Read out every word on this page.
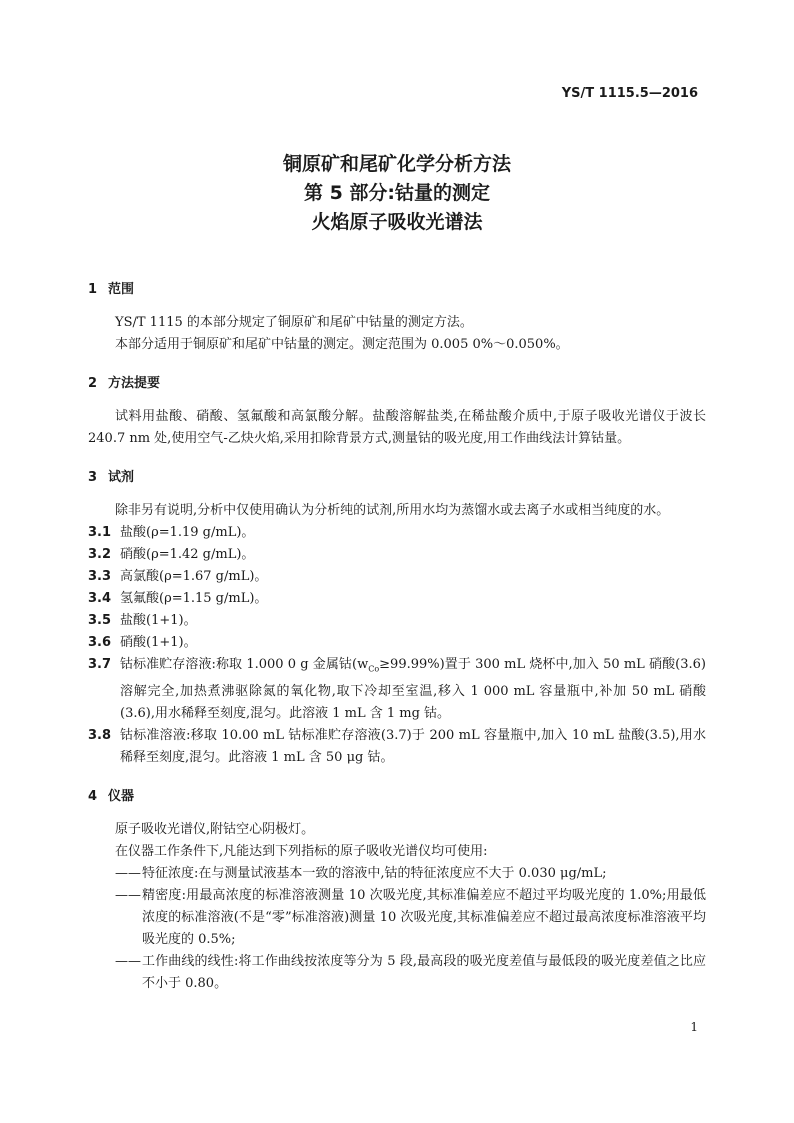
YS/T 1115.5—2016
铜原矿和尾矿化学分析方法
第 5 部分:钴量的测定
火焰原子吸收光谱法
1 范围

YS/T 1115 的本部分规定了铜原矿和尾矿中钴量的测定方法。

本部分适用于铜原矿和尾矿中钴量的测定。测定范围为 0.005 0%～0.050%。

2 方法提要

试料用盐酸、硝酸、氢氟酸和高氯酸分解。盐酸溶解盐类,在稀盐酸介质中,于原子吸收光谱仪于波长 240.7 nm 处,使用空气-乙炔火焰,采用扣除背景方式,测量钴的吸光度,用工作曲线法计算钴量。

3 试剂

除非另有说明,分析中仅使用确认为分析纯的试剂,所用水均为蒸馏水或去离子水或相当纯度的水。

3.1 盐酸(ρ=1.19 g/mL)。
3.2 硝酸(ρ=1.42 g/mL)。
3.3 高氯酸(ρ=1.67 g/mL)。
3.4 氢氟酸(ρ=1.15 g/mL)。
3.5 盐酸(1+1)。
3.6 硝酸(1+1)。
3.7 钴标准贮存溶液:称取 1.000 0 g 金属钴$(w_{Co}\ge 99.99\%)$置于 300 mL 烧杯中,加入 50 mL 硝酸(3.6)溶解完全,加热煮沸驱除氮的氧化物,取下冷却至室温,移入 1 000 mL 容量瓶中,补加 50 mL 硝酸(3.6),用水稀释至刻度,混匀。此溶液 1 mL 含 1 mg 钴。
3.8 钴标准溶液:移取 10.00 mL 钴标准贮存溶液(3.7)于 200 mL 容量瓶中,加入 10 mL 盐酸(3.5),用水稀释至刻度,混匀。此溶液 1 mL 含 50 μg 钴。
4 仪器
原子吸收光谱仪,附钴空心阴极灯。
在仪器工作条件下,凡能达到下列指标的原子吸收光谱仪均可使用:
—— 特征浓度:在与测量试液基本一致的溶液中,钴的特征浓度应不大于 0.030 μg/mL;
—— 精密度:用最高浓度的标准溶液测量 10 次吸光度,其标准偏差应不超过平均吸光度的 1.0%;用最低浓度的标准溶液(不是“零”标准溶液)测量 10 次吸光度,其标准偏差应不超过最高浓度标准溶液平均吸光度的 0.5%;
—— 工作曲线的线性:将工作曲线按浓度等分为 5 段,最高段的吸光度差值与最低段的吸光度差值之比应不小于 0.80。
1
